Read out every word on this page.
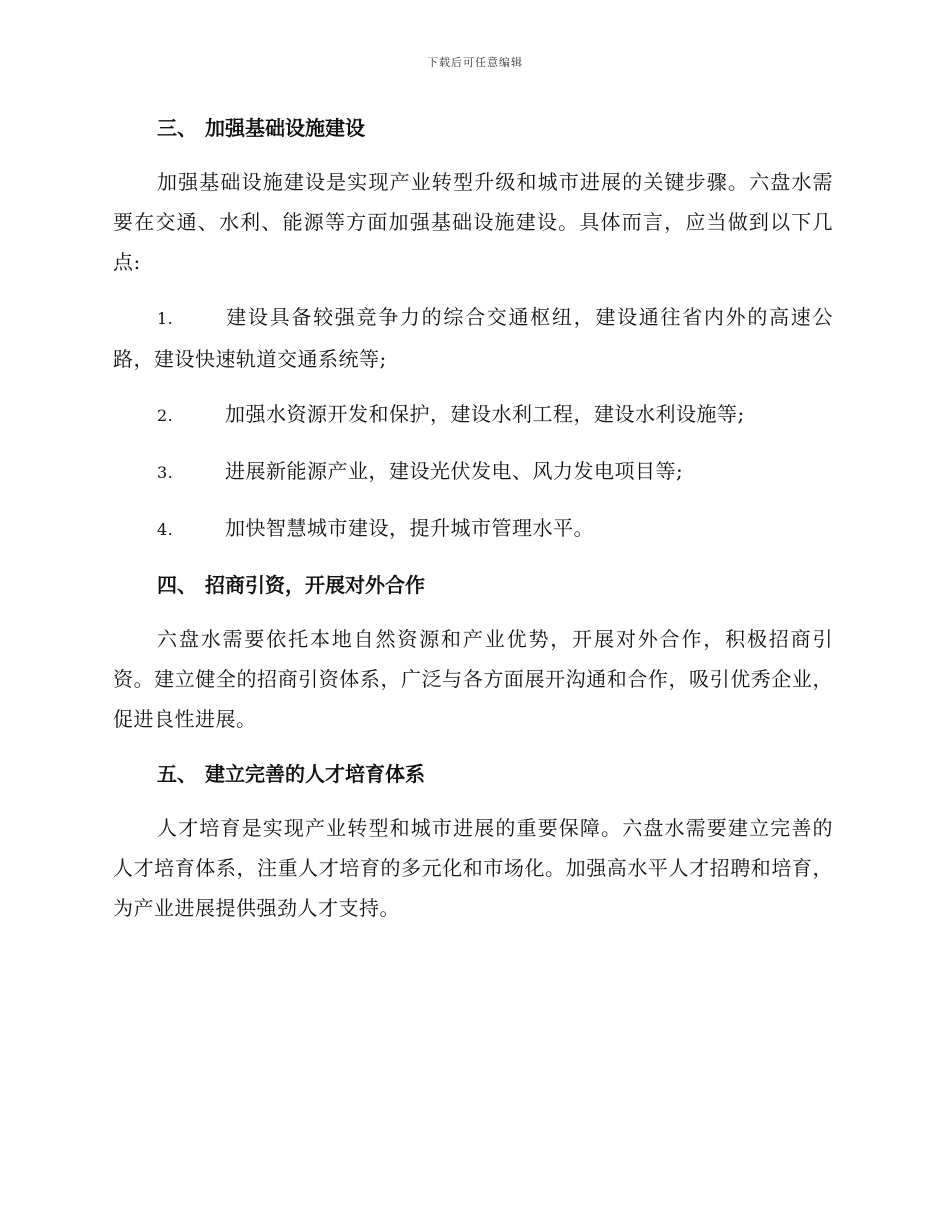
下载后可任意编辑
三、 加强基础设施建设

加强基础设施建设是实现产业转型升级和城市进展的关键步骤。六盘水需要在交通、水利、能源等方面加强基础设施建设。具体而言，应当做到以下几点:

1.	建设具备较强竞争力的综合交通枢纽，建设通往省内外的高速公路，建设快速轨道交通系统等;

2.	加强水资源开发和保护，建设水利工程，建设水利设施等;

3.	进展新能源产业，建设光伏发电、风力发电项目等;

4.	加快智慧城市建设，提升城市管理水平。

四、 招商引资，开展对外合作

六盘水需要依托本地自然资源和产业优势，开展对外合作，积极招商引资。建立健全的招商引资体系，广泛与各方面展开沟通和合作，吸引优秀企业，促进良性进展。

五、 建立完善的人才培育体系

人才培育是实现产业转型和城市进展的重要保障。六盘水需要建立完善的人才培育体系，注重人才培育的多元化和市场化。加强高水平人才招聘和培育，为产业进展提供强劲人才支持。
